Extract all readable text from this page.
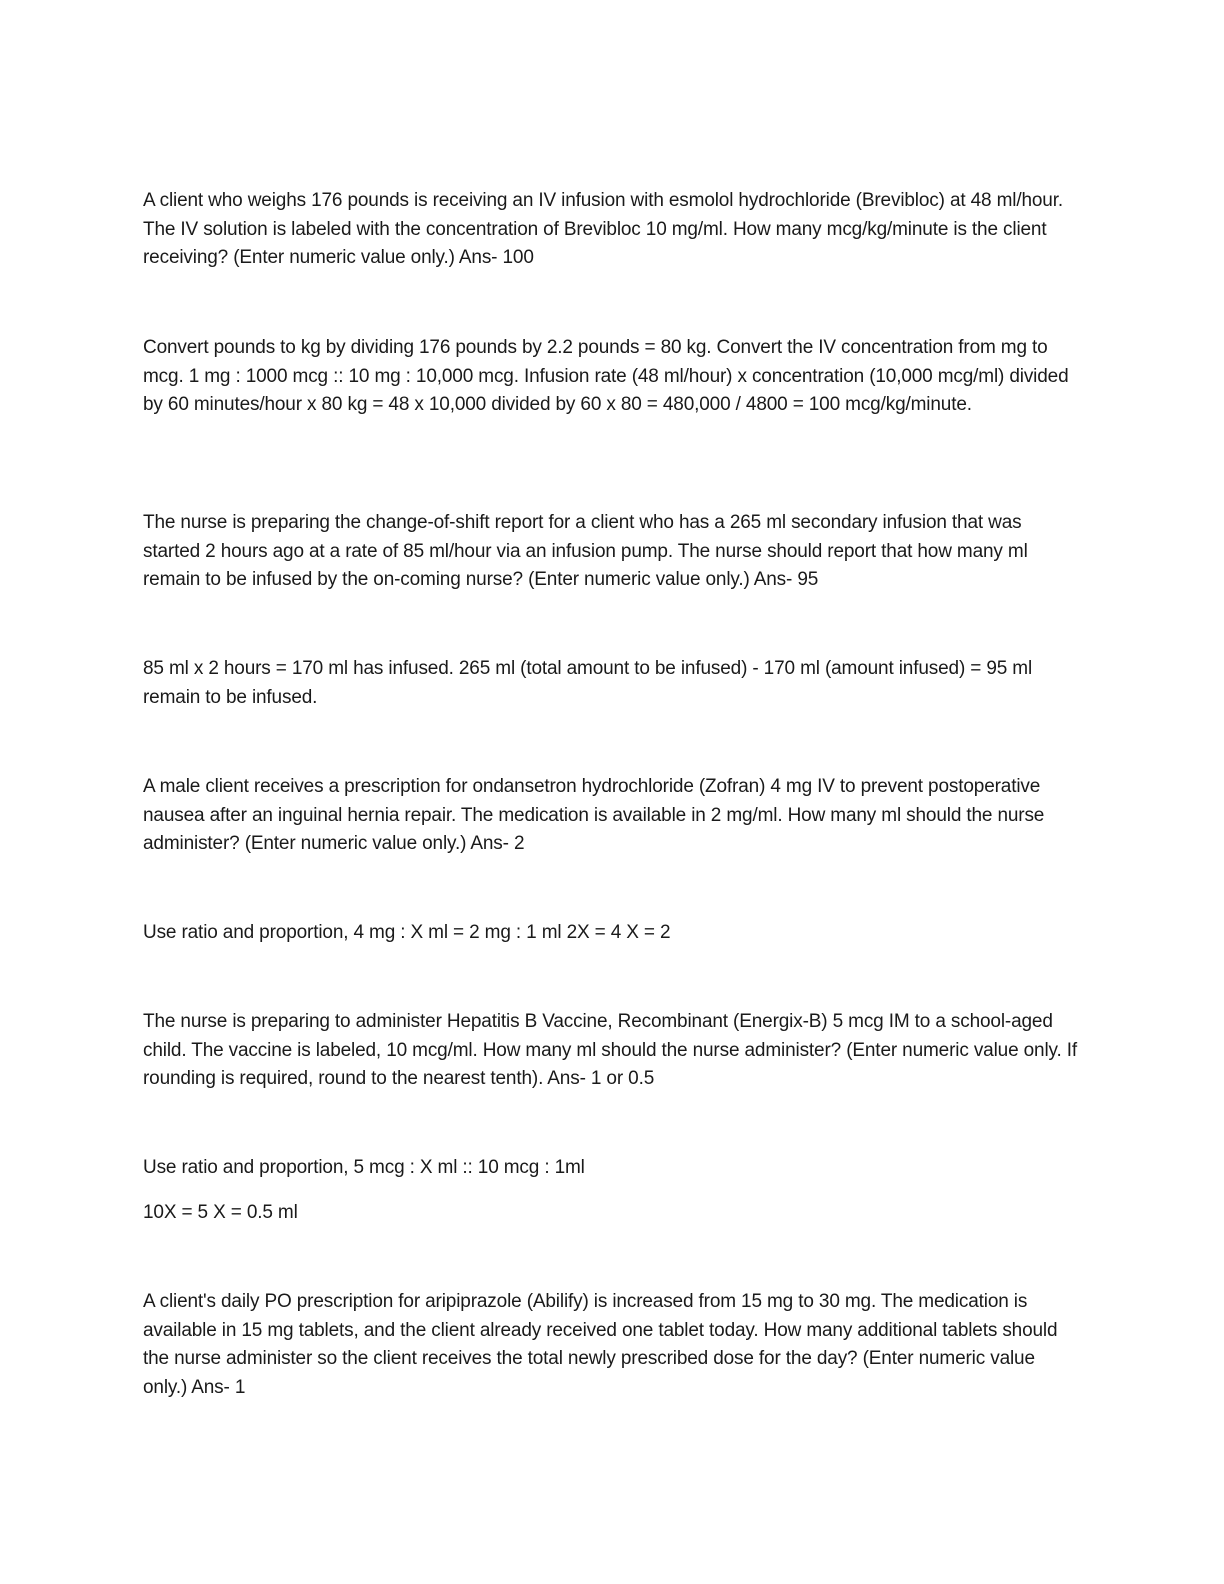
A client who weighs 176 pounds is receiving an IV infusion with esmolol hydrochloride (Brevibloc) at 48 ml/hour. The IV solution is labeled with the concentration of Brevibloc 10 mg/ml. How many mcg/kg/minute is the client receiving? (Enter numeric value only.) Ans- 100

Convert pounds to kg by dividing 176 pounds by 2.2 pounds = 80 kg. Convert the IV concentration from mg to mcg. 1 mg : 1000 mcg :: 10 mg : 10,000 mcg. Infusion rate (48 ml/hour) x concentration (10,000 mcg/ml) divided by 60 minutes/hour x 80 kg = 48 x 10,000 divided by 60 x 80 = 480,000 / 4800 = 100 mcg/kg/minute.

The nurse is preparing the change-of-shift report for a client who has a 265 ml secondary infusion that was started 2 hours ago at a rate of 85 ml/hour via an infusion pump. The nurse should report that how many ml remain to be infused by the on-coming nurse? (Enter numeric value only.) Ans- 95

85 ml x 2 hours = 170 ml has infused. 265 ml (total amount to be infused) - 170 ml (amount infused) = 95 ml remain to be infused.

A male client receives a prescription for ondansetron hydrochloride (Zofran) 4 mg IV to prevent postoperative nausea after an inguinal hernia repair. The medication is available in 2 mg/ml. How many ml should the nurse administer? (Enter numeric value only.) Ans- 2

Use ratio and proportion, 4 mg : X ml = 2 mg : 1 ml 2X = 4 X = 2

The nurse is preparing to administer Hepatitis B Vaccine, Recombinant (Energix-B) 5 mcg IM to a school-aged child. The vaccine is labeled, 10 mcg/ml. How many ml should the nurse administer? (Enter numeric value only. If rounding is required, round to the nearest tenth). Ans- 1 or 0.5

Use ratio and proportion, 5 mcg : X ml :: 10 mcg : 1ml

10X = 5 X = 0.5 ml

A client's daily PO prescription for aripiprazole (Abilify) is increased from 15 mg to 30 mg. The medication is available in 15 mg tablets, and the client already received one tablet today. How many additional tablets should the nurse administer so the client receives the total newly prescribed dose for the day? (Enter numeric value only.) Ans- 1
